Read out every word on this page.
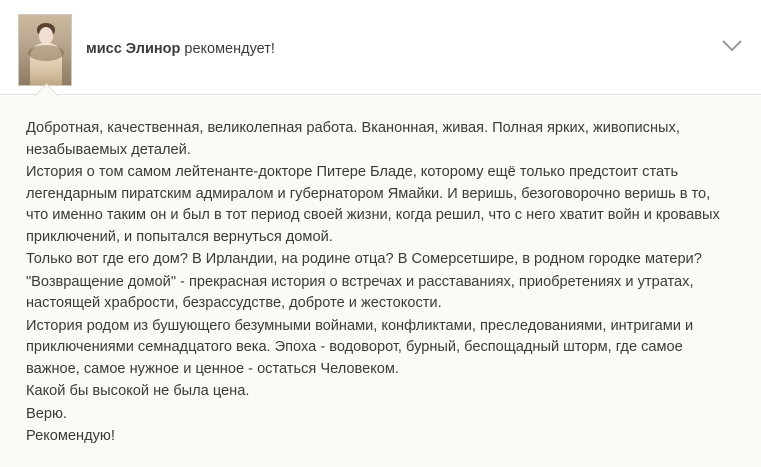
мисс Элинор рекомендует!

Добротная, качественная, великолепная работа. Вканонная, живая. Полная ярких, живописных, незабываемых деталей.

История о том самом лейтенанте-докторе Питере Бладе, которому ещё только предстоит стать легендарным пиратским адмиралом и губернатором Ямайки. И веришь, безоговорочно веришь в то, что именно таким он и был в тот период своей жизни, когда решил, что с него хватит войн и кровавых приключений, и попытался вернуться домой.

Только вот где его дом? В Ирландии, на родине отца? В Сомерсетшире, в родном городке матери?

"Возвращение домой" - прекрасная история о встречах и расставаниях, приобретениях и утратах, настоящей храбрости, безрассудстве, доброте и жестокости.

История родом из бушующего безумными войнами, конфликтами, преследованиями, интригами и приключениями семнадцатого века. Эпоха - водоворот, бурный, беспощадный шторм, где самое важное, самое нужное и ценное - остаться Человеком.

Какой бы высокой не была цена.

Верю.

Рекомендую!
